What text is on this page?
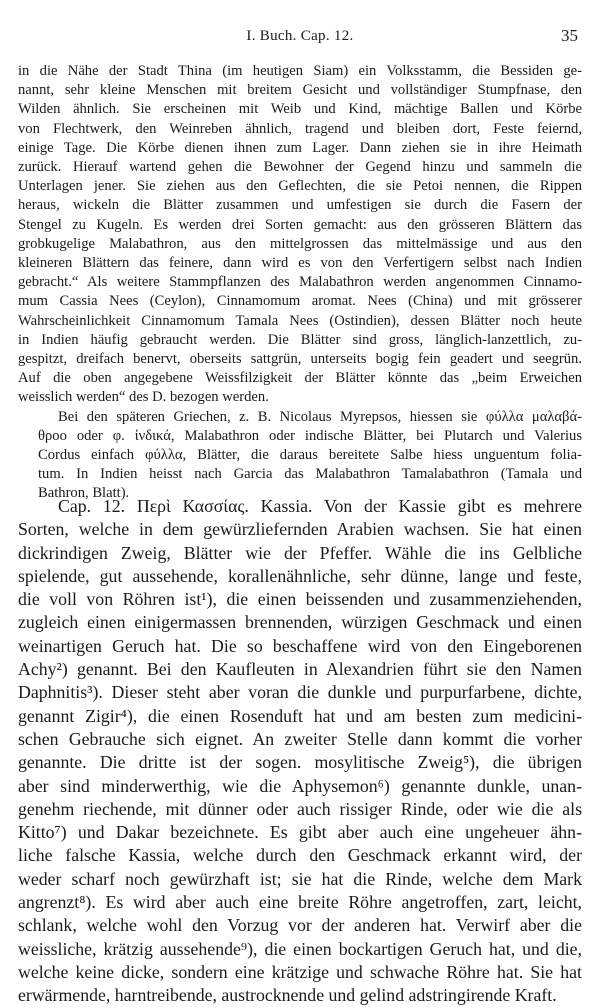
I. Buch. Cap. 12.	35

in die Nähe der Stadt Thina (im heutigen Siam) ein Volksstamm, die Bessiden ge-
nannt, sehr kleine Menschen mit breitem Gesicht und vollständiger Stumpfnase, den
Wilden ähnlich. Sie erscheinen mit Weib und Kind, mächtige Ballen und Körbe
von Flechtwerk, den Weinreben ähnlich, tragend und bleiben dort, Feste feiernd,
einige Tage. Die Körbe dienen ihnen zum Lager. Dann ziehen sie in ihre Heimath
zurück. Hierauf wartend gehen die Bewohner der Gegend hinzu und sammeln die
Unterlagen jener. Sie ziehen aus den Geflechten, die sie Petoi nennen, die Rippen
heraus, wickeln die Blätter zusammen und umfestigen sie durch die Fasern der
Stengel zu Kugeln. Es werden drei Sorten gemacht: aus den grösseren Blättern das
grobkugelige Malabathron, aus den mittelgrossen das mittelmässige und aus den
kleineren Blättern das feinere, dann wird es von den Verfertigern selbst nach Indien
gebracht.“ Als weitere Stammpflanzen des Malabathron werden angenommen Cinnamo-
mum Cassia Nees (Ceylon), Cinnamomum aromat. Nees (China) und mit grösserer
Wahrscheinlichkeit Cinnamomum Tamala Nees (Ostindien), dessen Blätter noch heute
in Indien häufig gebraucht werden. Die Blätter sind gross, länglich-lanzettlich, zu-
gespitzt, dreifach benervt, oberseits sattgrün, unterseits bogig fein geadert und seegrün.
Auf die oben angegebene Weissfilzigkeit der Blätter könnte das „beim Erweichen
weisslich werden“ des D. bezogen werden.

Bei den späteren Griechen, z. B. Nicolaus Myrepsos, hiessen sie φύλλα μαλαβά-
θροo oder φ. ἰνδικά, Malabathron oder indische Blätter, bei Plutarch und Valerius
Cordus einfach φύλλα, Blätter, die daraus bereitete Salbe hiess unguentum folia-
tum. In Indien heisst nach Garcia das Malabathron Tamalabathron (Tamala und
Bathron, Blatt).

Cap. 12. Περὶ Κασσίας. Kassia. Von der Kassie gibt es mehrere
Sorten, welche in dem gewürzliefernden Arabien wachsen. Sie hat einen
dickrindigen Zweig, Blätter wie der Pfeffer. Wähle die ins Gelbliche
spielende, gut aussehende, korallenähnliche, sehr dünne, lange und feste,
die voll von Röhren ist¹), die einen beissenden und zusammenziehenden,
zugleich einen einigermassen brennenden, würzigen Geschmack und einen
weinartigen Geruch hat. Die so beschaffene wird von den Eingeborenen
Achy²) genannt. Bei den Kaufleuten in Alexandrien führt sie den Namen
Daphnitis³). Dieser steht aber voran die dunkle und purpurfarbene, dichte,
genannt Zigir⁴), die einen Rosenduft hat und am besten zum medicini-
schen Gebrauche sich eignet. An zweiter Stelle dann kommt die vorher
genannte. Die dritte ist der sogen. mosylitische Zweig⁵), die übrigen
aber sind minderwerthig, wie die Aphysemon⁶) genannte dunkle, unan-
genehm riechende, mit dünner oder auch rissiger Rinde, oder wie die als
Kitto⁷) und Dakar bezeichnete. Es gibt aber auch eine ungeheuer ähn-
liche falsche Kassia, welche durch den Geschmack erkannt wird, der
weder scharf noch gewürzhaft ist; sie hat die Rinde, welche dem Mark
angrenzt⁸). Es wird aber auch eine breite Röhre angetroffen, zart, leicht,
schlank, welche wohl den Vorzug vor der anderen hat. Verwirf aber die
weissliche, krätzig aussehende⁹), die einen bockartigen Geruch hat, und die,
welche keine dicke, sondern eine krätzige und schwache Röhre hat. Sie hat
erwärmende, harntreibende, austrocknende und gelind adstringirende Kraft.
